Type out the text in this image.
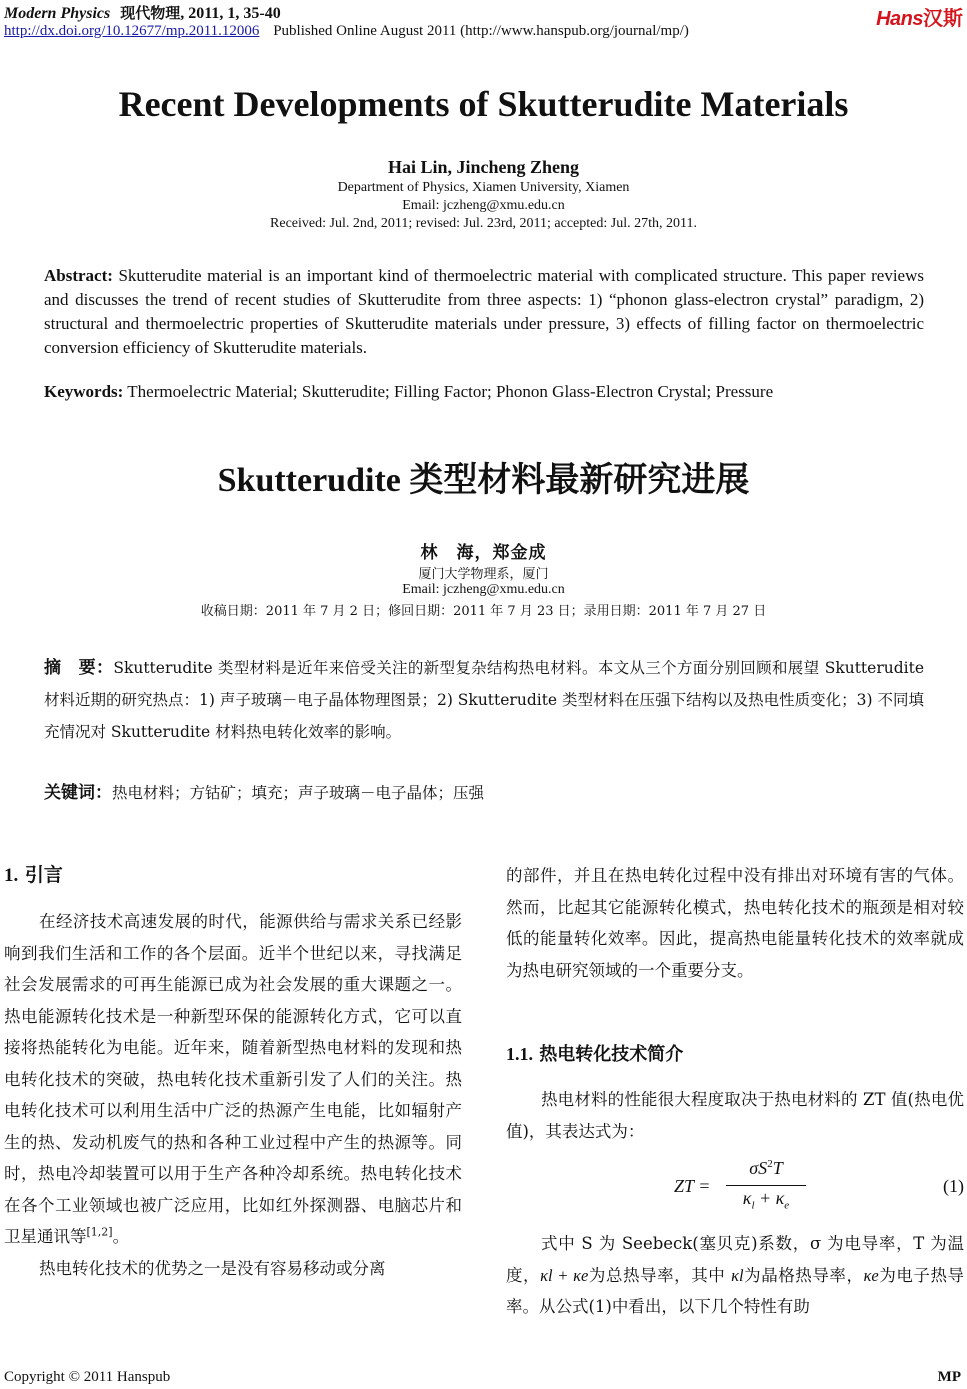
Modern Physics 现代物理, 2011, 1, 35-40
http://dx.doi.org/10.12677/mp.2011.12006 Published Online August 2011 (http://www.hanspub.org/journal/mp/)
Hans汉斯
Recent Developments of Skutterudite Materials
Hai Lin, Jincheng Zheng
Department of Physics, Xiamen University, Xiamen
Email: jczheng@xmu.edu.cn
Received: Jul. 2nd, 2011; revised: Jul. 23rd, 2011; accepted: Jul. 27th, 2011.
Abstract: Skutterudite material is an important kind of thermoelectric material with complicated structure. This paper reviews and discusses the trend of recent studies of Skutterudite from three aspects: 1) “phonon glass-electron crystal” paradigm, 2) structural and thermoelectric properties of Skutterudite materials under pressure, 3) effects of filling factor on thermoelectric conversion efficiency of Skutterudite materials.
Keywords: Thermoelectric Material; Skutterudite; Filling Factor; Phonon Glass-Electron Crystal; Pressure
Skutterudite 类型材料最新研究进展
林　海，郑金成
厦门大学物理系，厦门
Email: jczheng@xmu.edu.cn
收稿日期：2011 年 7 月 2 日；修回日期：2011 年 7 月 23 日；录用日期：2011 年 7 月 27 日
摘　要：Skutterudite 类型材料是近年来倍受关注的新型复杂结构热电材料。本文从三个方面分别回顾和展望 Skutterudite 材料近期的研究热点：1) 声子玻璃－电子晶体物理图景；2) Skutterudite 类型材料在压强下结构以及热电性质变化；3) 不同填充情况对 Skutterudite 材料热电转化效率的影响。
关键词：热电材料；方钴矿；填充；声子玻璃－电子晶体；压强
1. 引言
在经济技术高速发展的时代，能源供给与需求关系已经影响到我们生活和工作的各个层面。近半个世纪以来，寻找满足社会发展需求的可再生能源已成为社会发展的重大课题之一。热电能源转化技术是一种新型环保的能源转化方式，它可以直接将热能转化为电能。近年来，随着新型热电材料的发现和热电转化技术的突破，热电转化技术重新引发了人们的关注。热电转化技术可以利用生活中广泛的热源产生电能，比如辐射产生的热、发动机废气的热和各种工业过程中产生的热源等。同时，热电冷却装置可以用于生产各种冷却系统。热电转化技术在各个工业领域也被广泛应用，比如红外探测器、电脑芯片和卫星通讯等[1,2]。
热电转化技术的优势之一是没有容易移动或分离
的部件，并且在热电转化过程中没有排出对环境有害的气体。然而，比起其它能源转化模式，热电转化技术的瓶颈是相对较低的能量转化效率。因此，提高热电能量转化技术的效率就成为热电研究领域的一个重要分支。
1.1. 热电转化技术简介
热电材料的性能很大程度取决于热电材料的 ZT 值(热电优值)，其表达式为：
ZT =
$\sigma S^2T$
$\kappa_l + \kappa_e$
(1)
式中 S 为 Seebeck(塞贝克)系数，σ 为电导率，T 为温度，κl + κe为总热导率，其中 κl为晶格热导率，κe为电子热导率。从公式(1)中看出，以下几个特性有助
Copyright © 2011 Hanspub	MP
